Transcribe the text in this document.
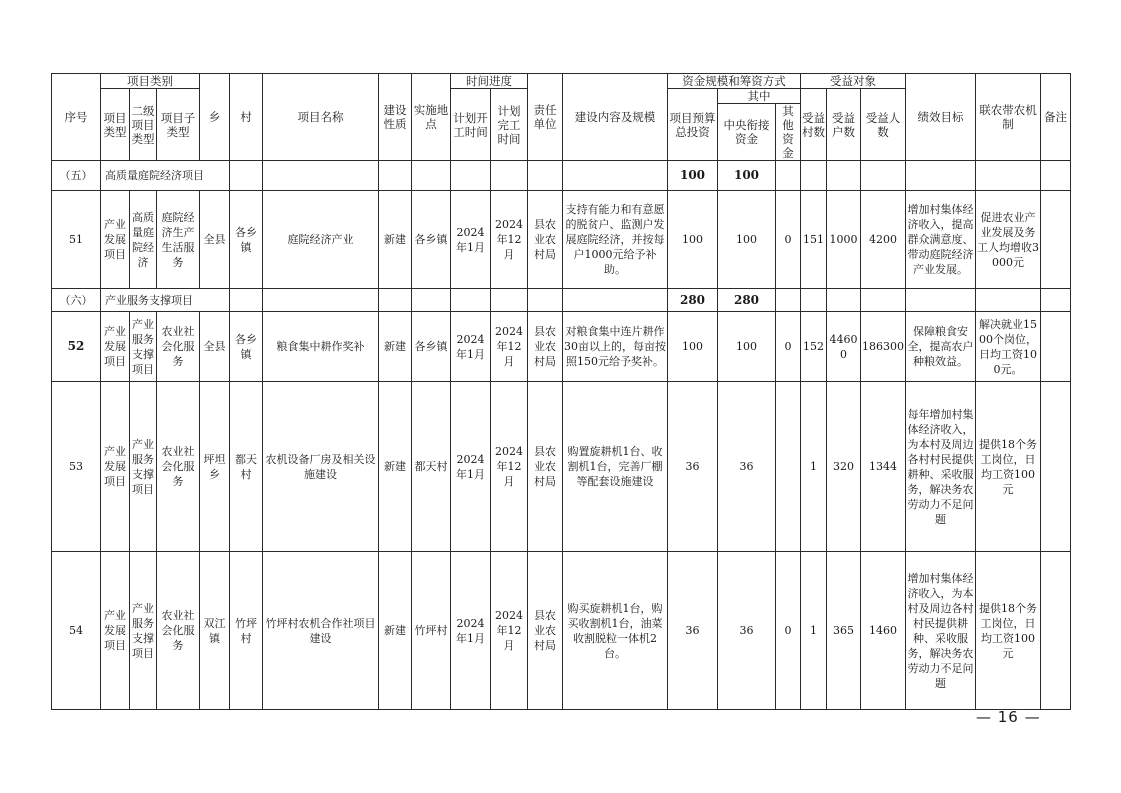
序号	项目类别			乡	村	项目名称	建设性质	实施地点	时间进度		责任单位	建设内容及规模	资金规模和筹资方式			受益对象			绩效目标	联农带农机制	备注
	项目类型	二级项目类型	项目子类型						计划开工时间	计划完工时间			项目预算总投资	其中		受益村数	受益户数	受益人数			
														中央衔接资金	其他资金						
（五）	高质量庭院经济项目												100	100							
51	产业发展项目	高质量庭院经济	庭院经济生产生活服务	全县	各乡镇	庭院经济产业	新建	各乡镇	2024年1月	2024年12月	县农业农村局	支持有能力和有意愿的脱贫户、监测户发展庭院经济，并按每户1000元给予补助。	100	100	0	151	1000	4200	增加村集体经济收入，提高群众满意度、带动庭院经济产业发展。	促进农业产业发展及务工人均增收3000元	
（六）	产业服务支撑项目												280	280							
52	产业发展项目	产业服务支撑项目	农业社会化服务	全县	各乡镇	粮食集中耕作奖补	新建	各乡镇	2024年1月	2024年12月	县农业农村局	对粮食集中连片耕作30亩以上的，每亩按照150元给予奖补。	100	100	0	152	44600	186300	保障粮食安全，提高农户种粮效益。	解决就业1500个岗位，日均工资100元。	
53	产业发展项目	产业服务支撑项目	农业社会化服务	坪坦乡	都天村	农机设备厂房及相关设施建设	新建	都天村	2024年1月	2024年12月	县农业农村局	购置旋耕机1台、收割机1台，完善厂棚等配套设施建设	36	36		1	320	1344	每年增加村集体经济收入，为本村及周边各村村民提供耕种、采收服务，解决务农劳动力不足问题	提供18个务工岗位，日均工资100元	
54	产业发展项目	产业服务支撑项目	农业社会化服务	双江镇	竹坪村	竹坪村农机合作社项目建设	新建	竹坪村	2024年1月	2024年12月	县农业农村局	购买旋耕机1台，购买收割机1台，油菜收割脱粒一体机2台。	36	36	0	1	365	1460	增加村集体经济收入，为本村及周边各村村民提供耕种、采收服务，解决务农劳动力不足问题	提供18个务工岗位，日均工资100元	
— 16 —
